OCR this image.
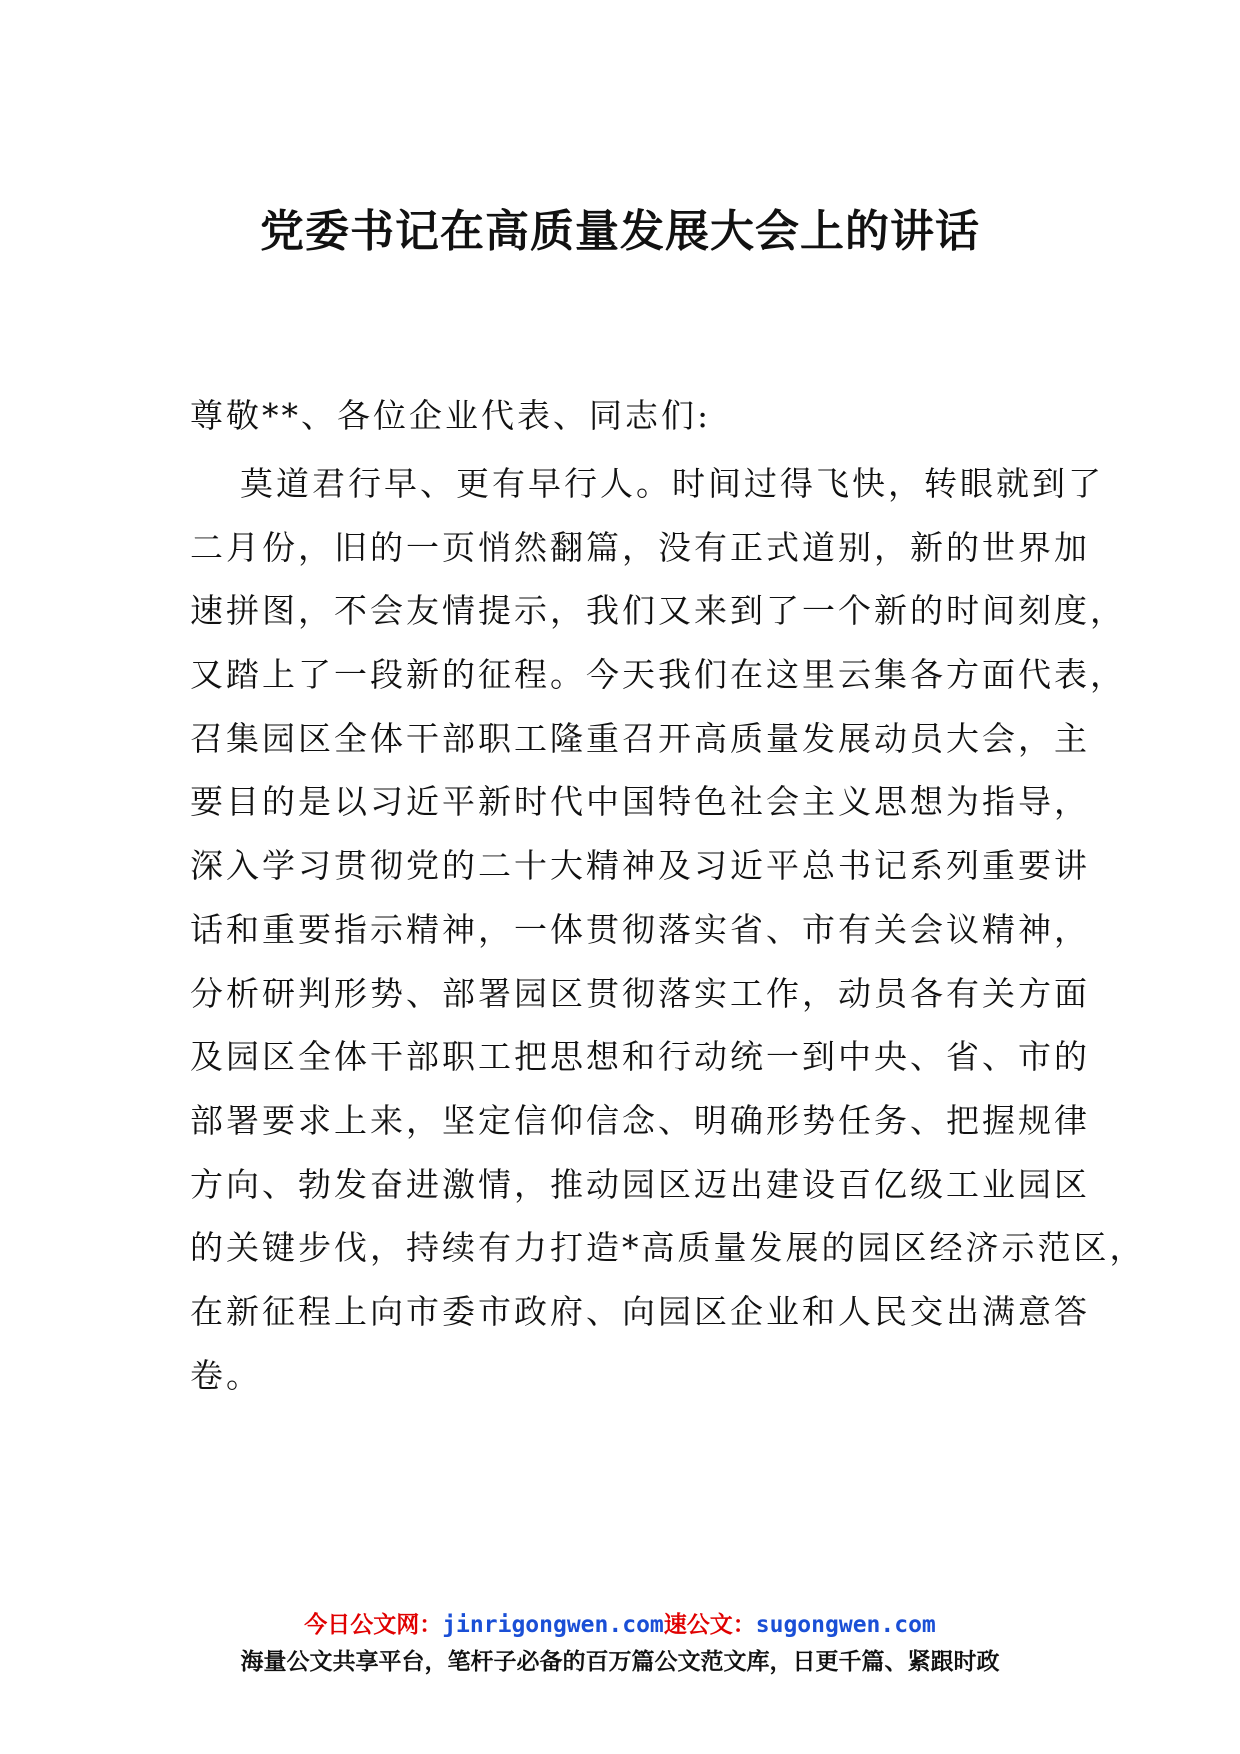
党委书记在高质量发展大会上的讲话

尊敬**、各位企业代表、同志们:

莫道君行早、更有早行人。时间过得飞快，转眼就到了
二月份，旧的一页悄然翻篇，没有正式道别，新的世界加
速拼图，不会友情提示，我们又来到了一个新的时间刻度，
又踏上了一段新的征程。今天我们在这里云集各方面代表，
召集园区全体干部职工隆重召开高质量发展动员大会，主
要目的是以习近平新时代中国特色社会主义思想为指导，
深入学习贯彻党的二十大精神及习近平总书记系列重要讲
话和重要指示精神，一体贯彻落实省、市有关会议精神，
分析研判形势、部署园区贯彻落实工作，动员各有关方面
及园区全体干部职工把思想和行动统一到中央、省、市的
部署要求上来，坚定信仰信念、明确形势任务、把握规律
方向、勃发奋进激情，推动园区迈出建设百亿级工业园区
的关键步伐，持续有力打造*高质量发展的园区经济示范区，
在新征程上向市委市政府、向园区企业和人民交出满意答
卷。
今日公文网：jinrigongwen.com速公文：sugongwen.com
海量公文共享平台，笔杆子必备的百万篇公文范文库，日更千篇、紧跟时政
